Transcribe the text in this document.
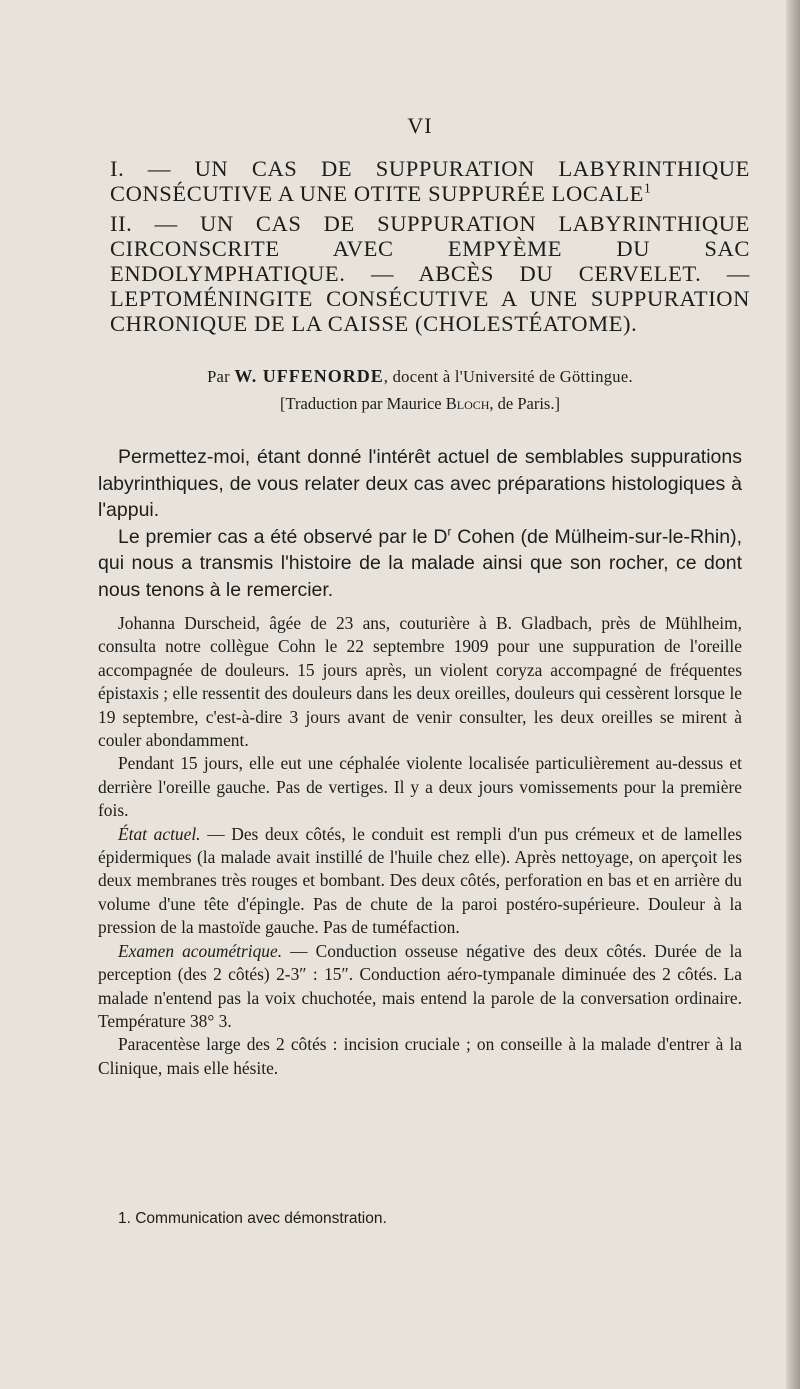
VI
I. — UN CAS DE SUPPURATION LABYRINTHIQUE CONSÉCUTIVE A UNE OTITE SUPPURÉE LOCALE$^1$
II. — UN CAS DE SUPPURATION LABYRINTHIQUE CIRCONSCRITE AVEC EMPYÈME DU SAC ENDOLYMPHATIQUE. — ABCÈS DU CERVELET. — LEPTOMÉNINGITE CONSÉCUTIVE A UNE SUPPURATION CHRONIQUE DE LA CAISSE (CHOLESTÉATOME).
Par W. UFFENORDE, docent à l'Université de Göttingue.
[Traduction par Maurice Bloch, de Paris.]

Permettez-moi, étant donné l'intérêt actuel de semblables suppurations labyrinthiques, de vous relater deux cas avec préparations histologiques à l'appui.

Le premier cas a été observé par le $D^r$ Cohen (de Mülheim-sur-le-Rhin), qui nous a transmis l'histoire de la malade ainsi que son rocher, ce dont nous tenons à le remercier.

Johanna Durscheid, âgée de 23 ans, couturière à B. Gladbach, près de Mühlheim, consulta notre collègue Cohn le 22 septembre 1909 pour une suppuration de l'oreille accompagnée de douleurs. 15 jours après, un violent coryza accompagné de fréquentes épistaxis ; elle ressentit des douleurs dans les deux oreilles, douleurs qui cessèrent lorsque le 19 septembre, c'est-à-dire 3 jours avant de venir consulter, les deux oreilles se mirent à couler abondamment.

Pendant 15 jours, elle eut une céphalée violente localisée particulièrement au-dessus et derrière l'oreille gauche. Pas de vertiges. Il y a deux jours vomissements pour la première fois.

État actuel. — Des deux côtés, le conduit est rempli d'un pus crémeux et de lamelles épidermiques (la malade avait instillé de l'huile chez elle). Après nettoyage, on aperçoit les deux membranes très rouges et bombant. Des deux côtés, perforation en bas et en arrière du volume d'une tête d'épingle. Pas de chute de la paroi postéro-supérieure. Douleur à la pression de la mastoïde gauche. Pas de tuméfaction.

Examen acoumétrique. — Conduction osseuse négative des deux côtés. Durée de la perception (des 2 côtés) 2-3″ : 15″. Conduction aéro-tympanale diminuée des 2 côtés. La malade n'entend pas la voix chuchotée, mais entend la parole de la conversation ordinaire. Température 38° 3.

Paracentèse large des 2 côtés : incision cruciale ; on conseille à la malade d'entrer à la Clinique, mais elle hésite.

1. Communication avec démonstration.
